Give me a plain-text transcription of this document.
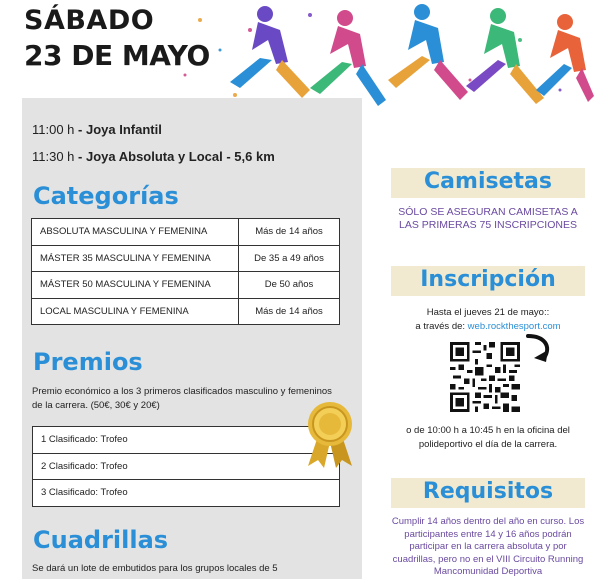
SÁBADO
23 DE MAYO
11:00 h - Joya Infantil
11:30 h - Joya Absoluta y Local - 5,6 km
Categorías
ABSOLUTA MASCULINA Y FEMENINA	Más de 14 años
MÁSTER 35 MASCULINA Y FEMENINA	De 35 a 49 años
MÁSTER 50 MASCULINA Y FEMENINA	De 50 años
LOCAL MASCULINA Y FEMENINA	Más de 14 años
Premios
Premio económico a los 3 primeros clasificados masculino y femeninos de la carrera. (50€, 30€ y 20€)
1 Clasificado: Trofeo
2 Clasificado: Trofeo
3 Clasificado: Trofeo
Cuadrillas
Se dará un lote de embutidos para los grupos locales de 5
Camisetas
SÓLO SE ASEGURAN CAMISETAS A LAS PRIMERAS 75 INSCRIPCIONES
Inscripción
Hasta el jueves 21 de mayo::
a través de: web.rockthesport.com
o de 10:00 h a 10:45 h en la oficina del polideportivo el día de la carrera.
Requisitos
Cumplir 14 años dentro del año en curso. Los participantes entre 14 y 16 años podrán participar en la carrera absoluta y por cuadrillas, pero no en el VIII Circuito Running Mancomunidad Deportiva
